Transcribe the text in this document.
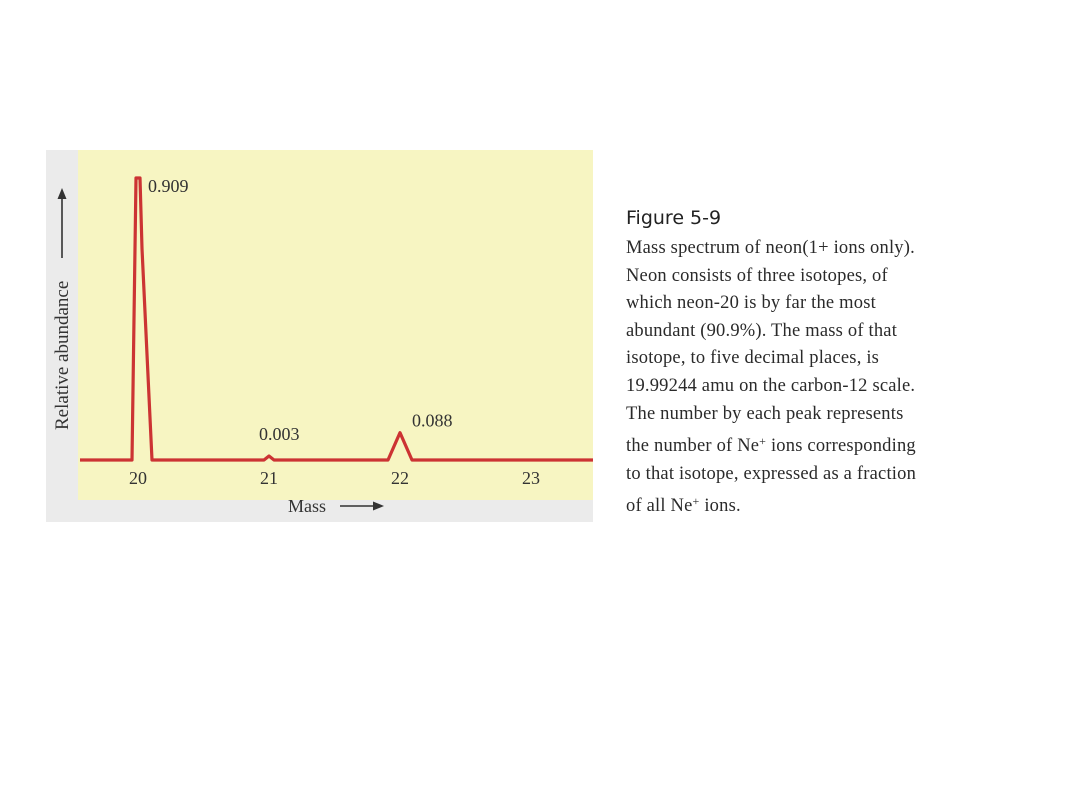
Relative abundance
0.909
0.003
0.088
20	21	22	23
Mass
Figure 5-9

Mass spectrum of neon(1+ ions only).
Neon consists of three isotopes, of
which neon-20 is by far the most
abundant (90.9%). The mass of that
isotope, to five decimal places, is
19.99244 amu on the carbon-12 scale.
The number by each peak represents
the number of Ne+ ions corresponding
to that isotope, expressed as a fraction
of all Ne+ ions.
